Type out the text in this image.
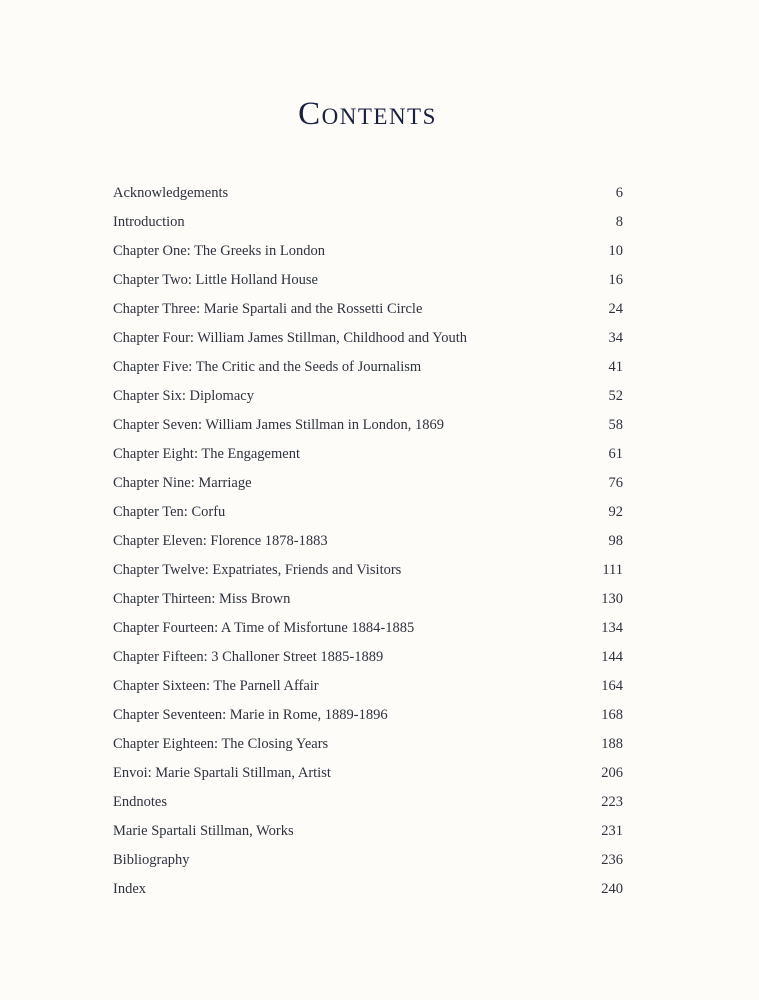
Contents
Acknowledgements	6
Introduction	8
Chapter One: The Greeks in London	10
Chapter Two: Little Holland House	16
Chapter Three: Marie Spartali and the Rossetti Circle	24
Chapter Four: William James Stillman, Childhood and Youth	34
Chapter Five: The Critic and the Seeds of Journalism	41
Chapter Six: Diplomacy	52
Chapter Seven: William James Stillman in London, 1869	58
Chapter Eight: The Engagement	61
Chapter Nine: Marriage	76
Chapter Ten: Corfu	92
Chapter Eleven: Florence 1878-1883	98
Chapter Twelve: Expatriates, Friends and Visitors	111
Chapter Thirteen: Miss Brown	130
Chapter Fourteen: A Time of Misfortune 1884-1885	134
Chapter Fifteen: 3 Challoner Street 1885-1889	144
Chapter Sixteen: The Parnell Affair	164
Chapter Seventeen: Marie in Rome, 1889-1896	168
Chapter Eighteen: The Closing Years	188
Envoi: Marie Spartali Stillman, Artist	206
Endnotes	223
Marie Spartali Stillman, Works	231
Bibliography	236
Index	240
